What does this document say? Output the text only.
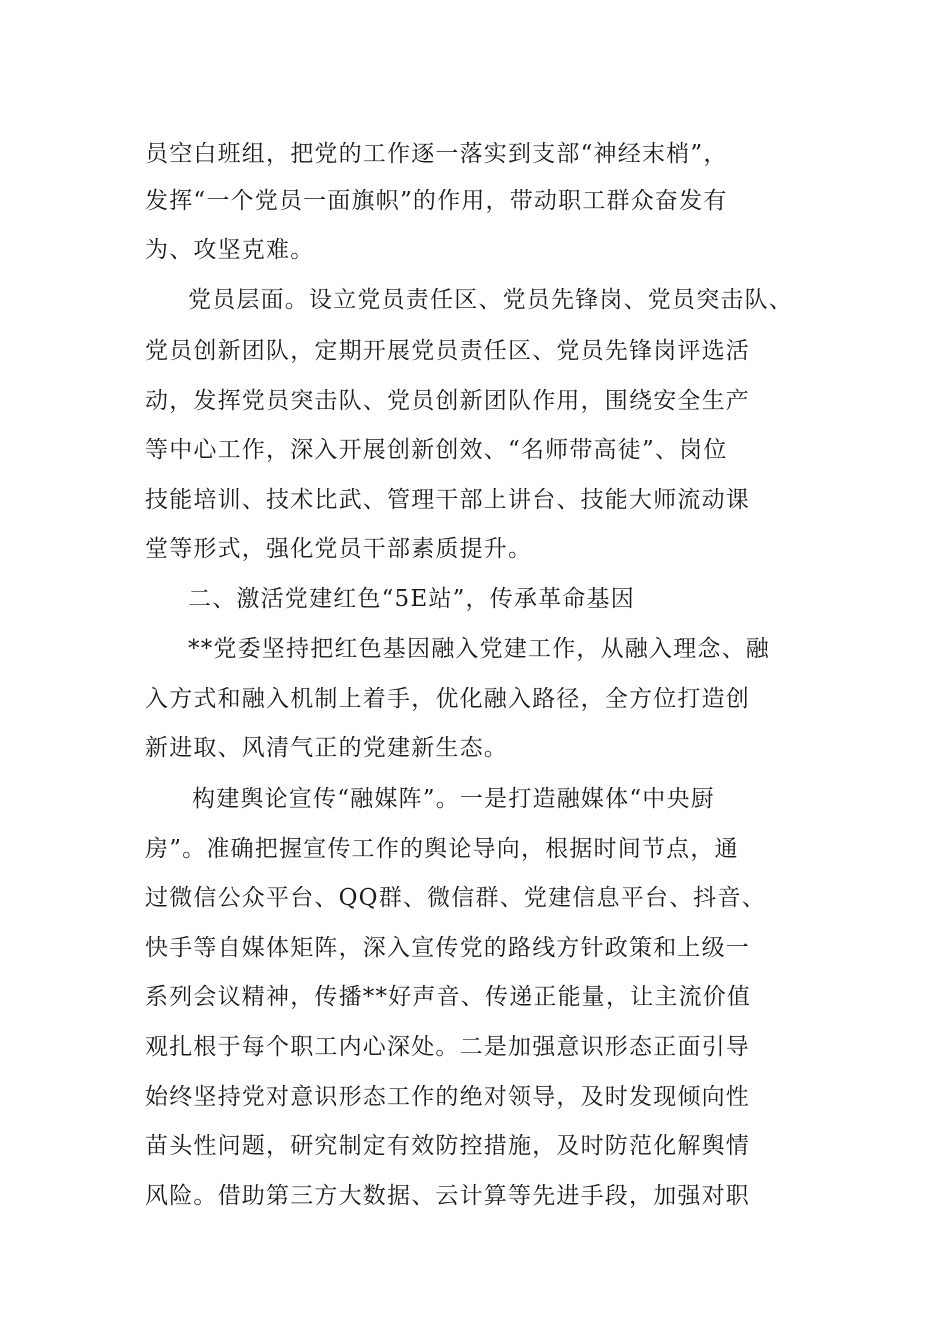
员空白班组，把党的工作逐一落实到支部“神经末梢”，
发挥“一个党员一面旗帜”的作用，带动职工群众奋发有
为、攻坚克难。
党员层面。设立党员责任区、党员先锋岗、党员突击队、
党员创新团队，定期开展党员责任区、党员先锋岗评选活
动，发挥党员突击队、党员创新团队作用，围绕安全生产
等中心工作，深入开展创新创效、“名师带高徒”、岗位
技能培训、技术比武、管理干部上讲台、技能大师流动课
堂等形式，强化党员干部素质提升。
二、激活党建红色“5E站”，传承革命基因
**党委坚持把红色基因融入党建工作，从融入理念、融
入方式和融入机制上着手，优化融入路径，全方位打造创
新进取、风清气正的党建新生态。
构建舆论宣传“融媒阵”。一是打造融媒体“中央厨
房”。准确把握宣传工作的舆论导向，根据时间节点，通
过微信公众平台、QQ群、微信群、党建信息平台、抖音、
快手等自媒体矩阵，深入宣传党的路线方针政策和上级一
系列会议精神，传播**好声音、传递正能量，让主流价值
观扎根于每个职工内心深处。二是加强意识形态正面引导
始终坚持党对意识形态工作的绝对领导，及时发现倾向性
苗头性问题，研究制定有效防控措施，及时防范化解舆情
风险。借助第三方大数据、云计算等先进手段，加强对职
